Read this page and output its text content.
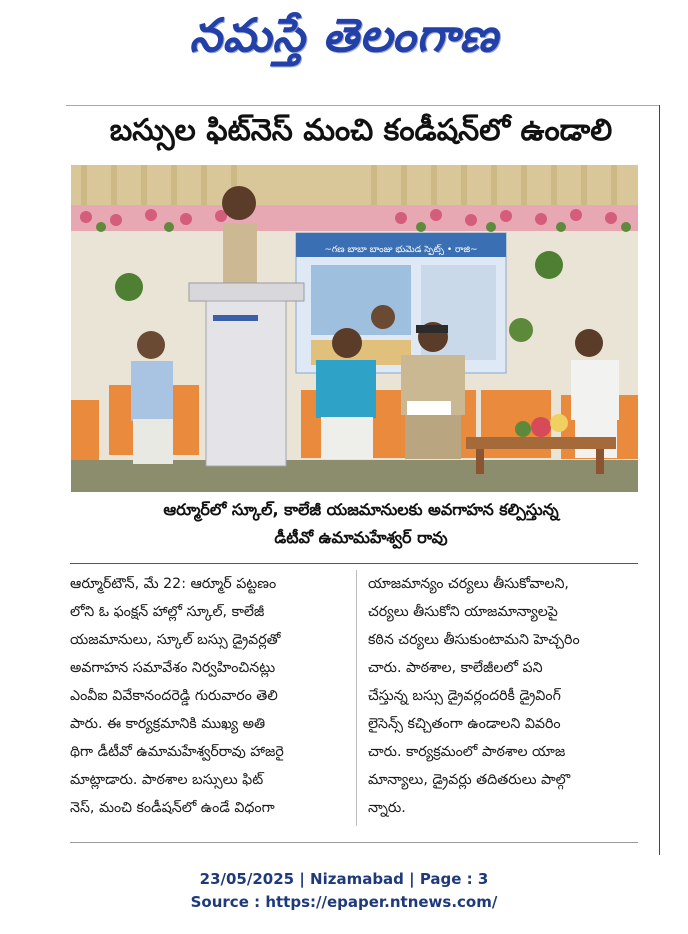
నమస్తే తెలంగాణ
బస్సుల ఫిట్‌నెస్ మంచి కండీషన్‌లో ఉండాలి
~గణ బాబా బాంజు భుమెడ స్పెట్స్ • రాజి~
ఆర్మూర్‌లో స్కూల్, కాలేజీ యజమానులకు అవగాహన కల్పిస్తున్న
డీటీవో ఉమామహేశ్వర్ రావు
ఆర్మూర్‌టౌన్, మే 22: ఆర్మూర్ పట్టణం
లోని ఓ ఫంక్షన్ హాల్లో స్కూల్, కాలేజీ
యజమానులు, స్కూల్ బస్సు డ్రైవర్లతో
అవగాహన సమావేశం నిర్వహించినట్లు
ఎంవీఐ వివేకానందరెడ్డి గురువారం తెలి
పారు. ఈ కార్యక్రమానికి ముఖ్య అతి
థిగా డీటీవో ఉమామహేశ్వర్‌రావు హాజరై
మాట్లాడారు. పాఠశాల బస్సులు ఫిట్
నెస్, మంచి కండీషన్‌లో ఉండే విధంగా
యాజమాన్యం చర్యలు తీసుకోవాలని,
చర్యలు తీసుకోని యాజమాన్యాలపై
కఠిన చర్యలు తీసుకుంటామని హెచ్చరిం
చారు. పాఠశాల, కాలేజీలలో పని
చేస్తున్న బస్సు డ్రైవర్లందరికీ డ్రైవింగ్
లైసెన్స్ కచ్చితంగా ఉండాలని వివరిం
చారు. కార్యక్రమంలో పాఠశాల యాజ
మాన్యాలు, డ్రైవర్లు తదితరులు పాల్గొ
న్నారు.
23/05/2025 | Nizamabad | Page : 3
Source : https://epaper.ntnews.com/
